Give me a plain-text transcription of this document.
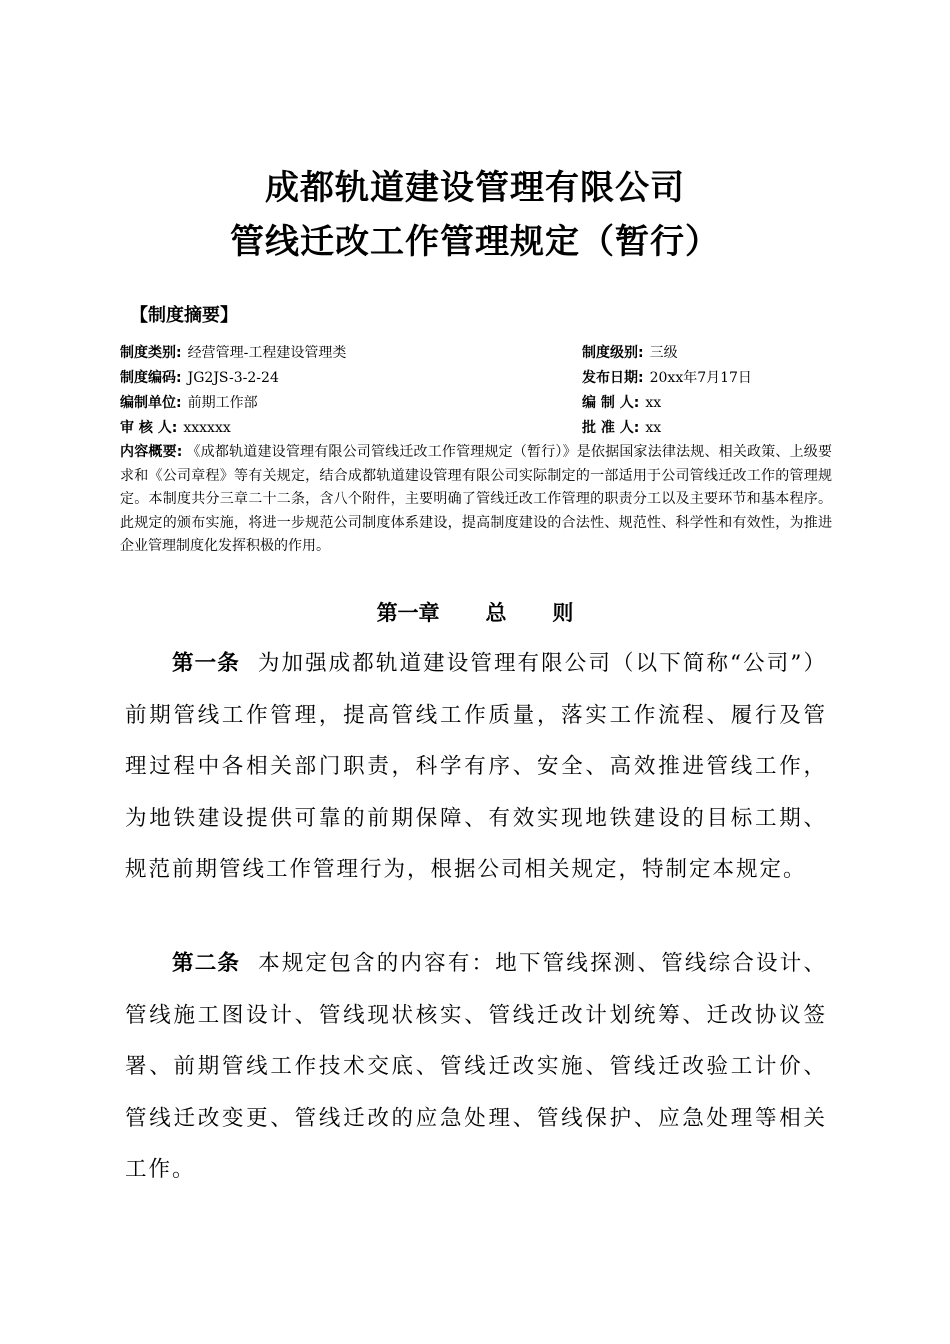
成都轨道建设管理有限公司
管线迁改工作管理规定（暂行）
【制度摘要】
制度类别: 经营管理-工程建设管理类	制度级别: 三级
制度编码: JG2JS-3-2-24	发布日期: 20xx年7月17日
编制单位: 前期工作部	编 制 人: xx
审 核 人: xxxxxx	批 准 人: xx
内容概要: 《成都轨道建设管理有限公司管线迁改工作管理规定（暂行）》是依据国家法律法规、相关政策、上级要求和《公司章程》等有关规定，结合成都轨道建设管理有限公司实际制定的一部适用于公司管线迁改工作的管理规定。本制度共分三章二十二条，含八个附件，主要明确了管线迁改工作管理的职责分工以及主要环节和基本程序。此规定的颁布实施，将进一步规范公司制度体系建设，提高制度建设的合法性、规范性、科学性和有效性，为推进企业管理制度化发挥积极的作用。
第一章   总   则
第一条 为加强成都轨道建设管理有限公司（以下简称“公司”）前期管线工作管理，提高管线工作质量，落实工作流程、履行及管理过程中各相关部门职责，科学有序、安全、高效推进管线工作，为地铁建设提供可靠的前期保障、有效实现地铁建设的目标工期、规范前期管线工作管理行为，根据公司相关规定，特制定本规定。
第二条 本规定包含的内容有：地下管线探测、管线综合设计、管线施工图设计、管线现状核实、管线迁改计划统筹、迁改协议签署、前期管线工作技术交底、管线迁改实施、管线迁改验工计价、管线迁改变更、管线迁改的应急处理、管线保护、应急处理等相关工作。
